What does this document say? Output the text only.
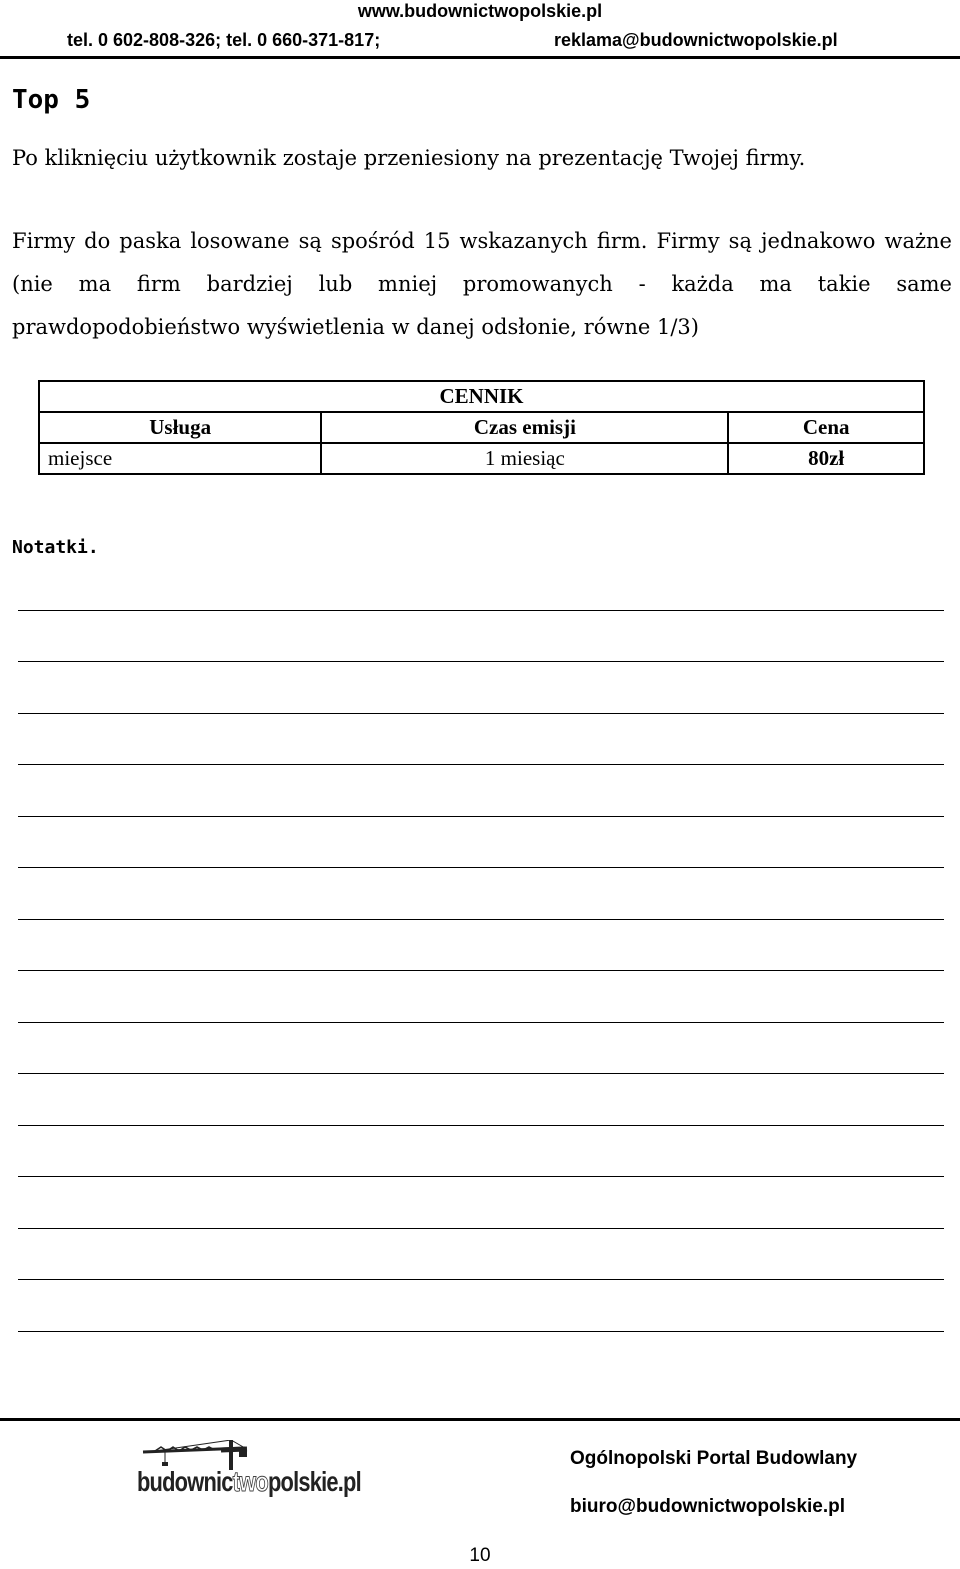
www.budownictwopolskie.pl
tel. 0 602-808-326; tel. 0 660-371-817;	reklama@budownictwopolskie.pl
Top 5

Po kliknięciu użytkownik zostaje przeniesiony na prezentację Twojej firmy.

Firmy do paska losowane są spośród 15 wskazanych firm. Firmy są jednakowo ważne (nie ma firm bardziej lub mniej promowanych - każda ma takie same prawdopodobieństwo wyświetlenia w danej odsłonie, równe 1/3)

CENNIK		
Usługa	Czas emisji	Cena
miejsce	1 miesiąc	80zł
Notatki.
budownictwopolskie.pl
Ogólnopolski Portal Budowlany
biuro@budownictwopolskie.pl
10
